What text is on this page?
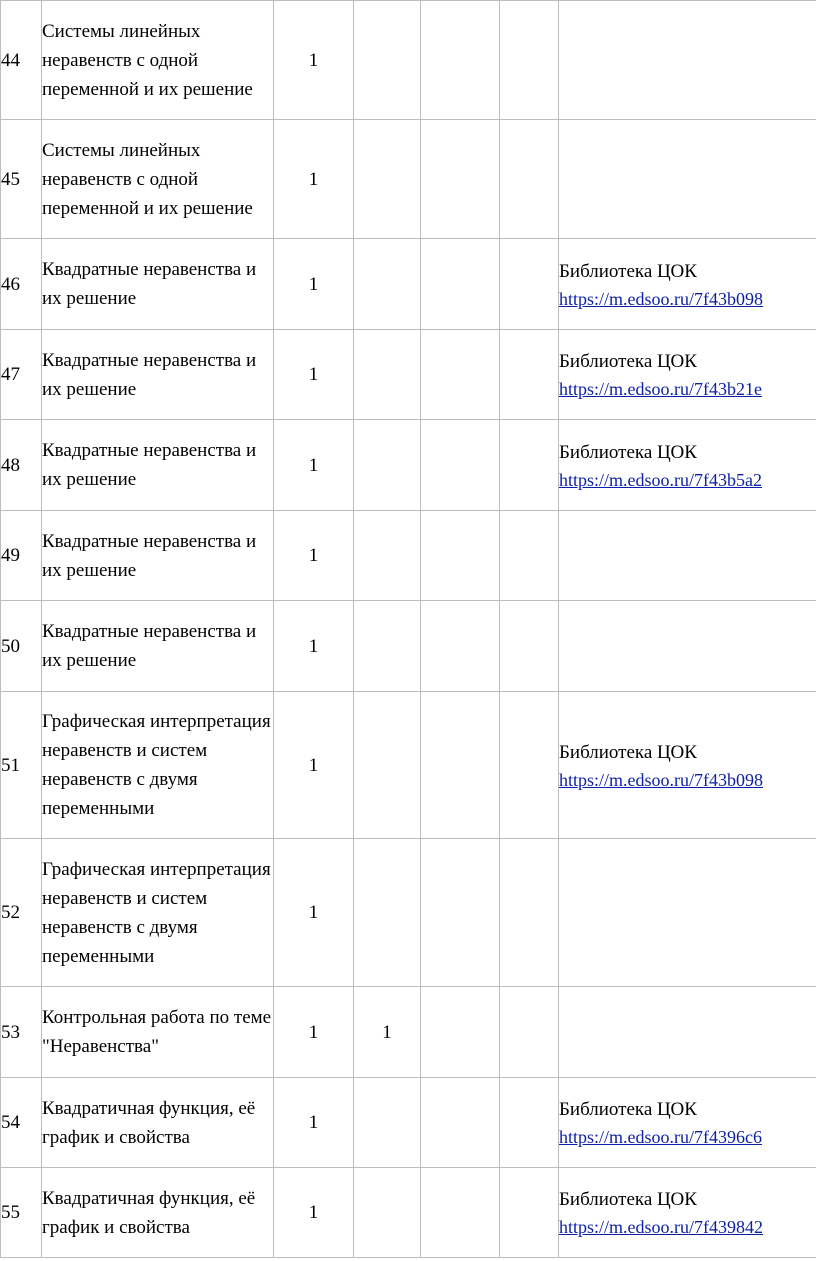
44	Системы линейных неравенств с одной переменной и их решение	1				

45	Системы линейных неравенств с одной переменной и их решение	1				

46	Квадратные неравенства и их решение	1				Библиотека ЦОК
https://m.edsoo.ru/7f43b098

47	Квадратные неравенства и их решение	1				Библиотека ЦОК
https://m.edsoo.ru/7f43b21e

48	Квадратные неравенства и их решение	1				Библиотека ЦОК
https://m.edsoo.ru/7f43b5a2

49	Квадратные неравенства и их решение	1				

50	Квадратные неравенства и их решение	1				

51	Графическая интерпретация неравенств и систем неравенств с двумя переменными	1				Библиотека ЦОК
https://m.edsoo.ru/7f43b098

52	Графическая интерпретация неравенств и систем неравенств с двумя переменными	1				

53	Контрольная работа по теме "Неравенства"	1	1			

54	Квадратичная функция, её график и свойства	1				Библиотека ЦОК
https://m.edsoo.ru/7f4396c6

55	Квадратичная функция, её график и свойства	1				Библиотека ЦОК
https://m.edsoo.ru/7f439842
